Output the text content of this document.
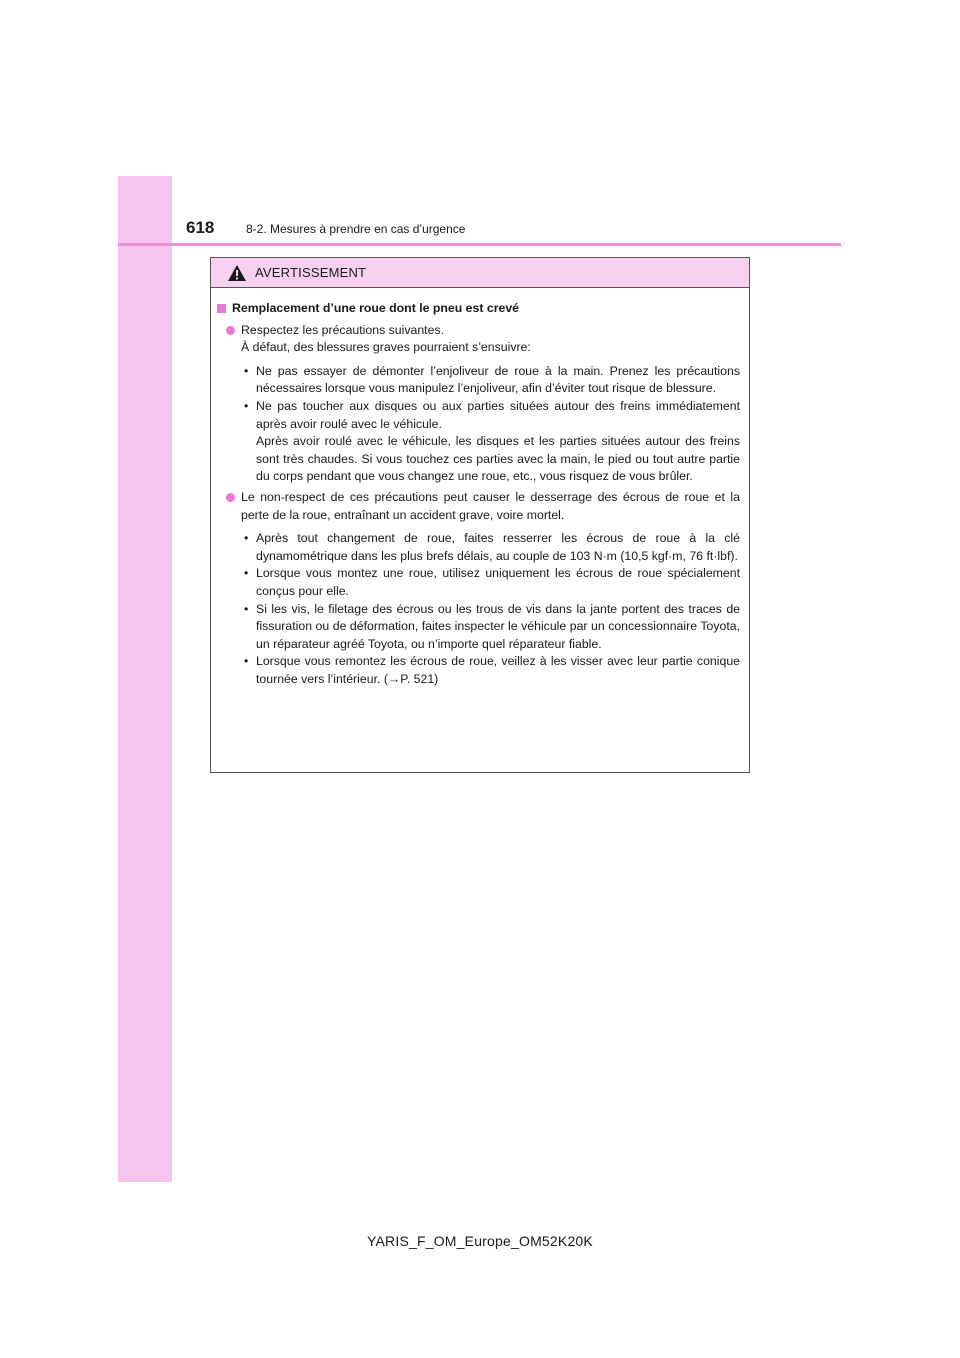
618	8-2. Mesures à prendre en cas d’urgence
AVERTISSEMENT
Remplacement d’une roue dont le pneu est crevé
Respectez les précautions suivantes.
À défaut, des blessures graves pourraient s’ensuivre:
• Ne pas essayer de démonter l’enjoliveur de roue à la main. Prenez les précautions nécessaires lorsque vous manipulez l’enjoliveur, afin d’éviter tout risque de blessure.
• Ne pas toucher aux disques ou aux parties situées autour des freins immédiatement après avoir roulé avec le véhicule.
Après avoir roulé avec le véhicule, les disques et les parties situées autour des freins sont très chaudes. Si vous touchez ces parties avec la main, le pied ou tout autre partie du corps pendant que vous changez une roue, etc., vous risquez de vous brûler.
Le non-respect de ces précautions peut causer le desserrage des écrous de roue et la perte de la roue, entraînant un accident grave, voire mortel.
• Après tout changement de roue, faites resserrer les écrous de roue à la clé dynamométrique dans les plus brefs délais, au couple de 103 N·m (10,5 kgf·m, 76 ft·lbf).
• Lorsque vous montez une roue, utilisez uniquement les écrous de roue spécialement conçus pour elle.
• Si les vis, le filetage des écrous ou les trous de vis dans la jante portent des traces de fissuration ou de déformation, faites inspecter le véhicule par un concessionnaire Toyota, un réparateur agréé Toyota, ou n’importe quel réparateur fiable.
• Lorsque vous remontez les écrous de roue, veillez à les visser avec leur partie conique tournée vers l’intérieur. (→P. 521)
YARIS_F_OM_Europe_OM52K20K
